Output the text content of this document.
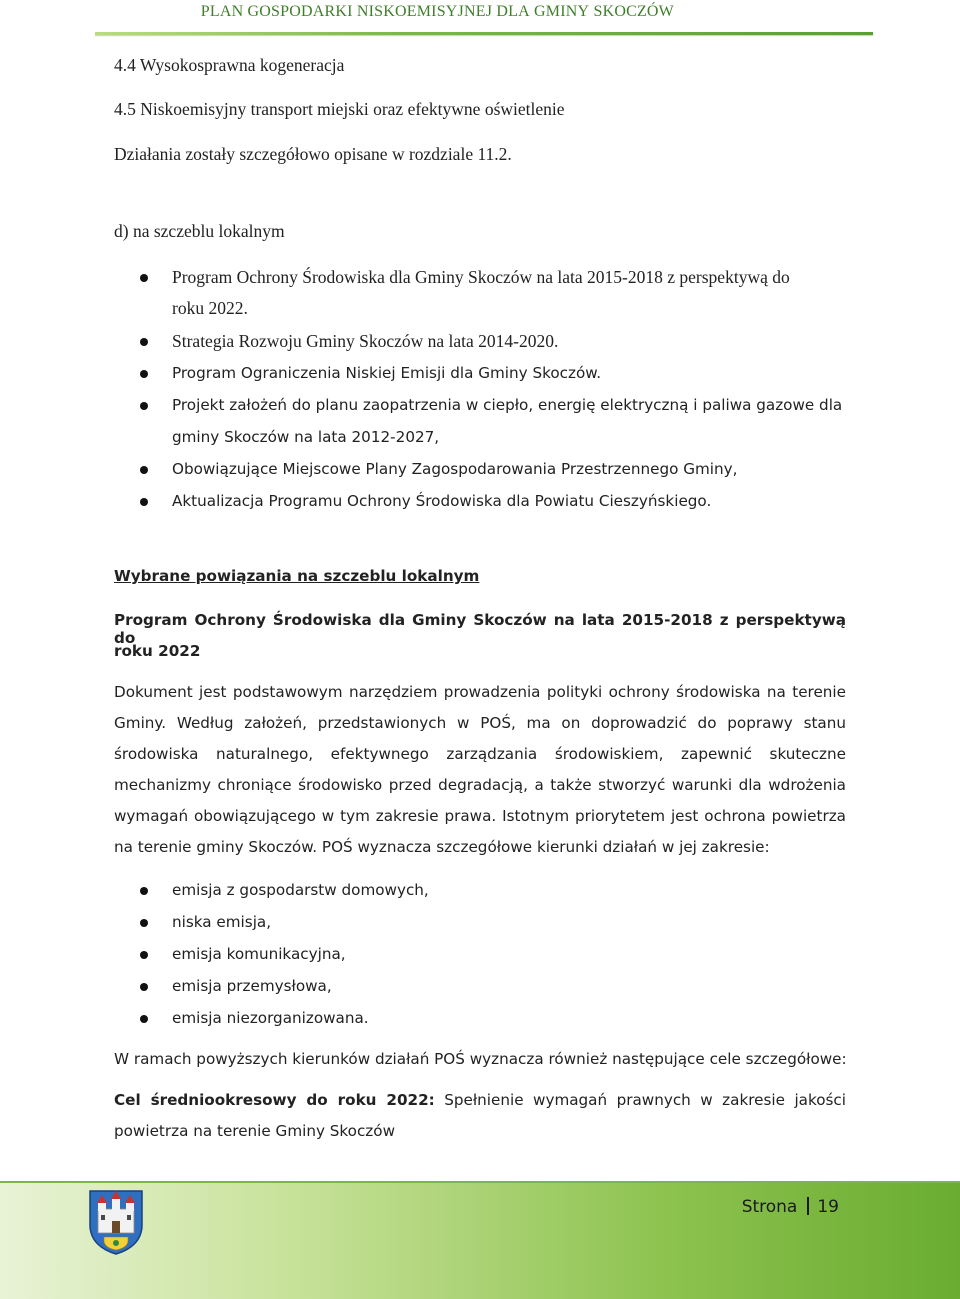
PLAN GOSPODARKI NISKOEMISYJNEJ DLA GMINY SKOCZÓW
4.4 Wysokosprawna kogeneracja
4.5 Niskoemisyjny transport miejski oraz efektywne oświetlenie
Działania zostały szczegółowo opisane w rozdziale 11.2.
d) na szczeblu lokalnym
Program Ochrony Środowiska dla Gminy Skoczów na lata 2015-2018 z perspektywą do
roku 2022.
Strategia Rozwoju Gminy Skoczów na lata 2014-2020.
Program Ograniczenia Niskiej Emisji dla Gminy Skoczów.
Projekt założeń do planu zaopatrzenia w ciepło, energię elektryczną i paliwa gazowe dla
gminy Skoczów na lata 2012-2027,
Obowiązujące Miejscowe Plany Zagospodarowania Przestrzennego Gminy,
Aktualizacja Programu Ochrony Środowiska dla Powiatu Cieszyńskiego.
Wybrane powiązania na szczeblu lokalnym
Program Ochrony Środowiska dla Gminy Skoczów na lata 2015-2018 z perspektywą do
roku 2022
Dokument jest podstawowym narzędziem prowadzenia polityki ochrony środowiska na terenie
Gminy. Według założeń, przedstawionych w POŚ, ma on doprowadzić do poprawy stanu
środowiska naturalnego, efektywnego zarządzania środowiskiem, zapewnić skuteczne
mechanizmy chroniące środowisko przed degradacją, a także stworzyć warunki dla wdrożenia
wymagań obowiązującego w tym zakresie prawa. Istotnym priorytetem jest ochrona powietrza
na terenie gminy Skoczów. POŚ wyznacza szczegółowe kierunki działań w jej zakresie:
emisja z gospodarstw domowych,
niska emisja,
emisja komunikacyjna,
emisja przemysłowa,
emisja niezorganizowana.
W ramach powyższych kierunków działań POŚ wyznacza również następujące cele szczegółowe:
Cel średniookresowy do roku 2022: Spełnienie wymagań prawnych w zakresie jakości
powietrza na terenie Gminy Skoczów
Strona 19
